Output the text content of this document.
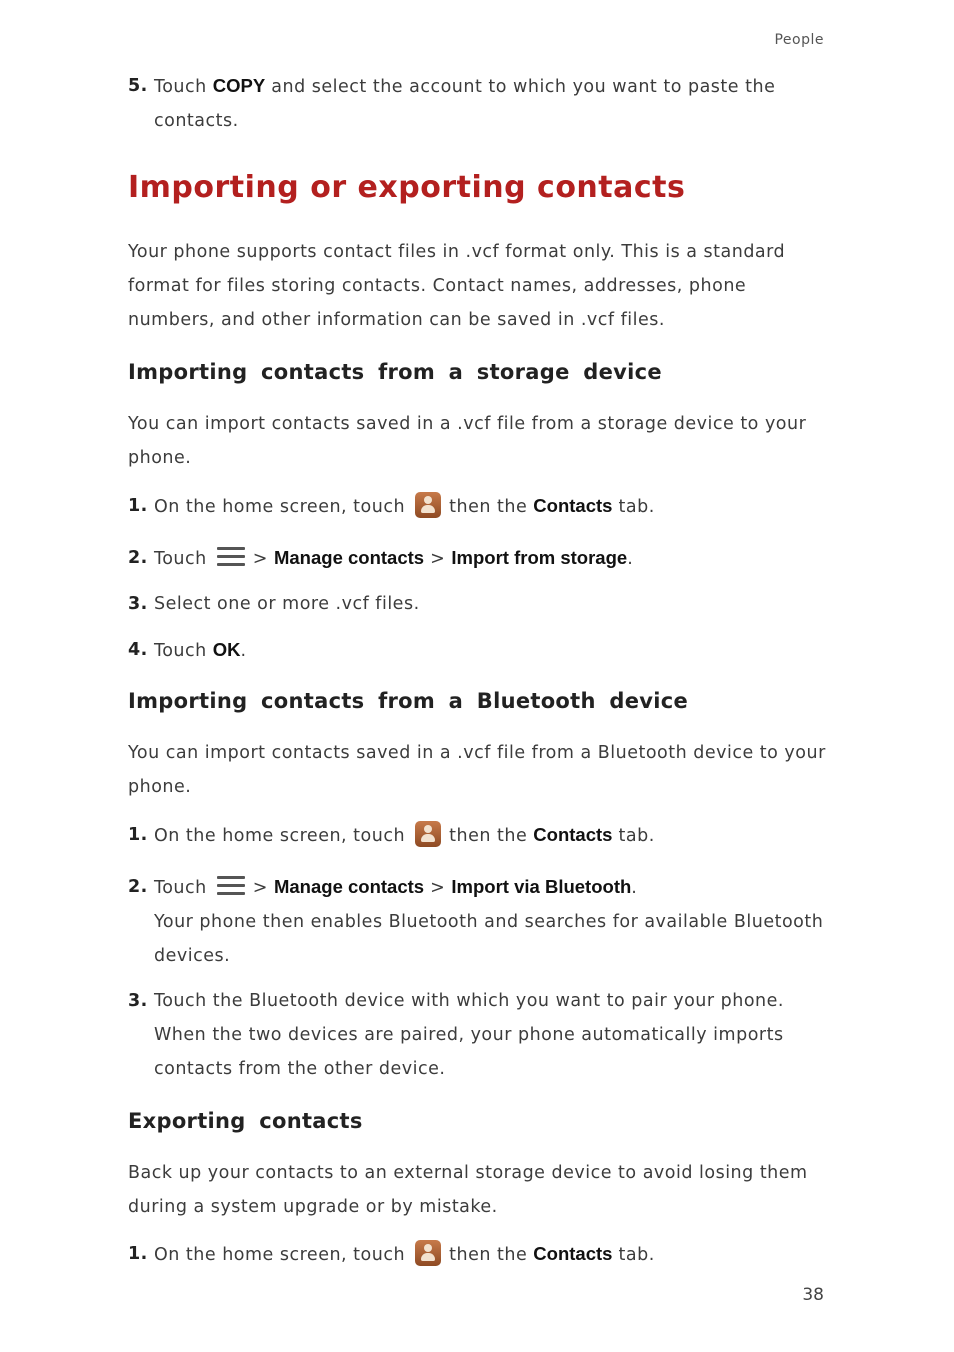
People
5. Touch COPY and select the account to which you want to paste the contacts.
Importing or exporting contacts
Your phone supports contact files in .vcf format only. This is a standard format for files storing contacts. Contact names, addresses, phone numbers, and other information can be saved in .vcf files.
Importing contacts from a storage device
You can import contacts saved in a .vcf file from a storage device to your phone.
1. On the home screen, touch	then the Contacts tab.
2. Touch	> Manage contacts > Import from storage.
3. Select one or more .vcf files.
4. Touch OK.
Importing contacts from a Bluetooth device
You can import contacts saved in a .vcf file from a Bluetooth device to your phone.
1. On the home screen, touch	then the Contacts tab.
2. Touch	> Manage contacts > Import via Bluetooth.
Your phone then enables Bluetooth and searches for available Bluetooth devices.
3. Touch the Bluetooth device with which you want to pair your phone.
When the two devices are paired, your phone automatically imports contacts from the other device.
Exporting contacts
Back up your contacts to an external storage device to avoid losing them during a system upgrade or by mistake.
1. On the home screen, touch	then the Contacts tab.
38
